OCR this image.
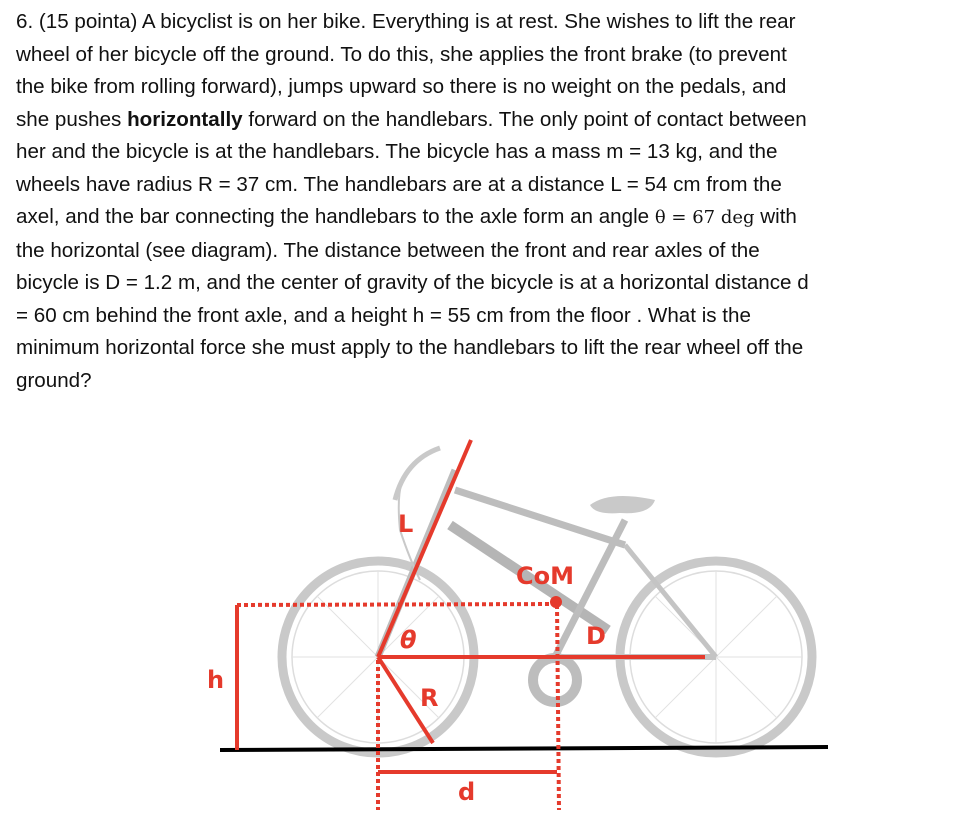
6. (15 pointa) A bicyclist is on her bike. Everything is at rest. She wishes to lift the rear
wheel of her bicycle off the ground. To do this, she applies the front brake (to prevent
the bike from rolling forward), jumps upward so there is no weight on the pedals, and
she pushes horizontally forward on the handlebars. The only point of contact between
her and the bicycle is at the handlebars. The bicycle has a mass m = 13 kg, and the
wheels have radius R = 37 cm. The handlebars are at a distance L = 54 cm from the
axel, and the bar connecting the handlebars to the axle form an angle θ = 67 deg with
the horizontal (see diagram). The distance between the front and rear axles of the
bicycle is D = 1.2 m, and the center of gravity of the bicycle is at a horizontal distance d
= 60 cm behind the front axle, and a height h = 55 cm from the floor . What is the
minimum horizontal force she must apply to the handlebars to lift the rear wheel off the
ground?
L
θ
R
CoM
D
h
d
